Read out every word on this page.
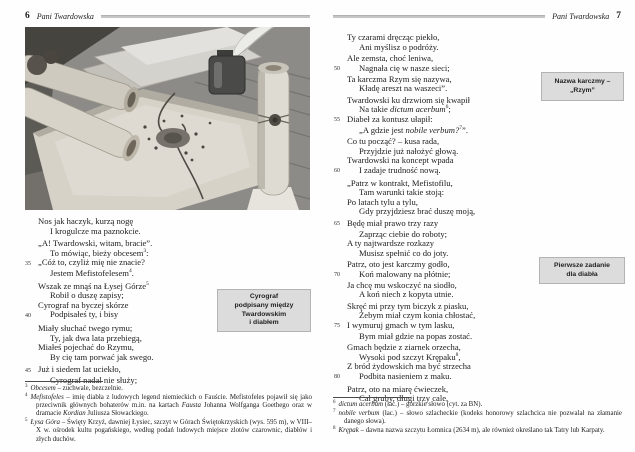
6 Pani Twardowska	Pani Twardowska 7
Nos jak haczyk, kurzą nogę
I krogulcze ma paznokcie.
„A! Twardowski, witam, bracie”.
To mówiąc, bieży obcesem$^3$:
35 „Cóż to, czyliż mię nie znacie?
Jestem Mefistofelesem$^4$.
Wszak ze mnąś na Łysej Górze$^5$
Robił o duszę zapisy;
Cyrograf na byczej skórze
40	Podpisałeś ty, i bisy
Miały słuchać twego rymu;
Ty, jak dwa lata przebiegą,
Miałeś pojechać do Rzymu,
By cię tam porwać jak swego.
45 Już i siedem lat uciekło,
Cyrograf nadal nie służy;
Ty czarami dręcząc piekło,
Ani myślisz o podróży.
Ale zemsta, choć leniwa,
50	Nagnała cię w nasze sieci;
Ta karczma Rzym się nazywa,
Kładę areszt na waszeci”.
Twardowski ku drzwiom się kwapił
Na takie dictum acerbum$^6$;
55 Diabeł za kontusz ułapił:
„A gdzie jest nobile verbum?$^7$”.
Co tu począć? – kusa rada,
Przyjdzie już nałożyć głową.
Twardowski na koncept wpada
60	I zadaje trudność nową.
„Patrz w kontrakt, Mefistofilu,
Tam warunki takie stoją:
Po latach tylu a tylu,
Gdy przyjdziesz brać duszę moją,
65 Będę miał prawo trzy razy
Zaprząc ciebie do roboty;
A ty najtwardsze rozkazy
Musisz spełnić co do joty.
Patrz, oto jest karczmy godło,
70	Koń malowany na płótnie;
Ja chcę mu wskoczyć na siodło,
A koń niech z kopyta utnie.
Skręć mi przy tym biczyk z piasku,
Żebym miał czym konia chłostać,
75 I wymuruj gmach w tym lasku,
Bym miał gdzie na popas zostać.
Gmach będzie z ziarnek orzecha,
Wysoki pod szczyt Krępaku$^8$,
Z bród żydowskich ma być strzecha
80	Podbita nasieniem z maku.
Patrz, oto na miarę ćwieczek,
Cal gruby, długi trzy cale,
Cyrograf
podpisany między
Twardowskim
i diabłem
Nazwa karczmy –
„Rzym”
Pierwsze zadanie
dla diabła
$^3$ Obcesem – zuchwale, bezczelnie.
$^4$ Mefistofeles – imię diabła z ludowych legend niemieckich o Fauście. Mefistofeles pojawił się jako przeciwnik głównych bohaterów m.in. na kartach Fausta Johanna Wolfganga Goethego oraz w dramacie Kordian Juliusza Słowackiego.
$^5$ Łysa Góra – Święty Krzyż, dawniej Łysiec, szczyt w Górach Świętokrzyskich (wys. 595 m), w VIII–X w. ośrodek kultu pogańskiego, według podań ludowych miejsce zlotów czarownic, diabłów i złych duchów.
$^6$ dictum acerbum (łac.) – gorzkie słowo (cyt. za BN).
$^7$ nobile verbum (łac.) – słowo szlacheckie (kodeks honorowy szlachcica nie pozwalał na złamanie danego słowa).
$^8$ Krępak – dawna nazwa szczytu Łomnica (2634 m), ale również określano tak Tatry lub Karpaty.
